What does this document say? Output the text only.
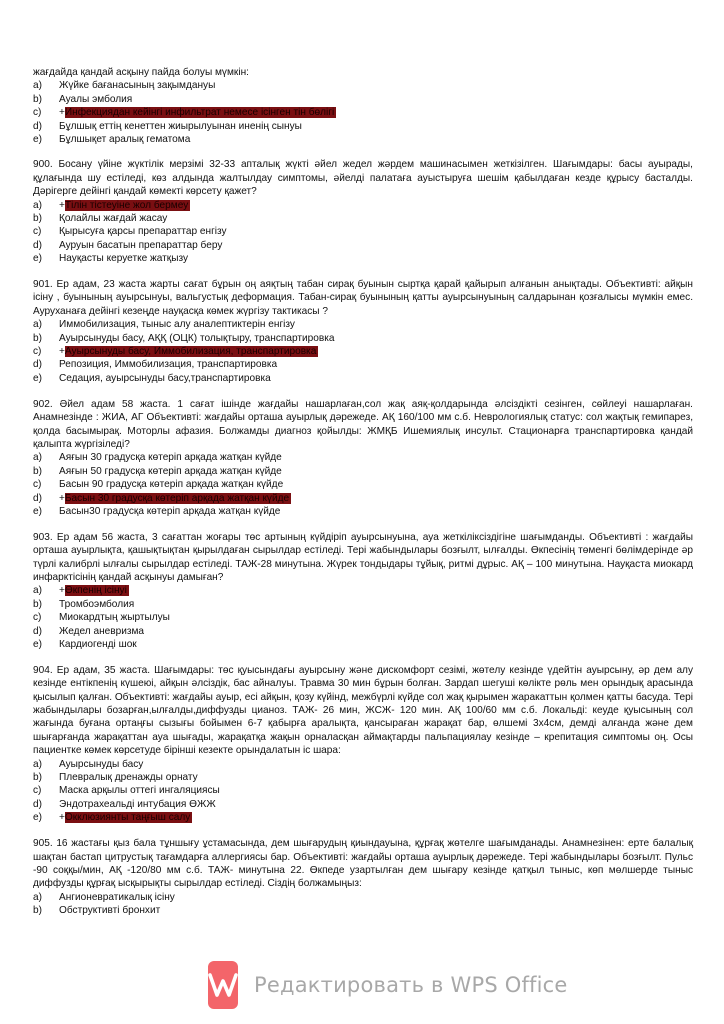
жағдайда қандай асқыну пайда болуы мүмкін:
a)	Жүйке бағанасының зақымдануы
b)	Ауалы эмболия
c)	+Инфекциядан кейінгі инфильтрат немесе ісінген тін бөлігі
d)	Бұлшық еттің кенеттен жиырылуынан иненің сынуы
e)	Бұлшықет аралық гематома
900. Босану үйіне жүктілік мерзімі 32-33 апталық жүкті әйел жедел жәрдем машинасымен жеткізілген. Шағымдары: басы ауырады, құлағында шу естіледі, көз алдында жалтылдау симптомы, әйелді палатаға ауыстыруға шешім қабылдаған кезде құрысу басталды. Дәрігерге дейінгі қандай көмекті көрсету қажет?
a)	+Тілін тістеуіне жол бермеу
b)	Қолайлы жағдай жасау
c)	Қырысуға қарсы препараттар енгізу
d)	Ауруын басатын препараттар беру
e)	Науқасты керуетке жатқызу
901. Ер адам, 23 жаста жарты сағат бұрын оң аяқтың табан сирақ буынын сыртқа қарай қайырып алғанын анықтады. Объективті: айқын ісіну , буынының ауырсынуы, вальгустық деформация. Табан-сирақ буынының қатты ауырсынуының салдарынан қозғалысы мүмкін емес. Ауруханаға дейінгі кезеңде науқасқа көмек жүргізу тактикасы ?
a)	Иммобилизация, тыныс алу аналептиктерін енгізу
b)	Ауырсынуды басу, АҚҚ (ОЦК) толықтыру, транспартировка
c)	+Ауырсынуды басу, Иммобилизация, транспартировка
d)	Репозиция, Иммобилизация, транспартировка
e)	Седация, ауырсынуды басу,транспартировка
902. Әйел адам 58 жаста. 1 сағат ішінде жағдайы нашарлаған,сол жақ аяқ-қолдарында әлсіздікті сезінген, сөйлеуі нашарлаған. Анамнезінде : ЖИА, АГ Объективті: жағдайы орташа ауырлық дәрежеде. АҚ 160/100 мм с.б. Неврологиялық статус: сол жақтық гемипарез, қолда басымырақ. Моторлы афазия. Болжамды диагноз қойылды: ЖМҚБ Ишемиялық инсульт. Стационарға транспартировка қандай қалыпта жүргізіледі?
a)	Аяғын 30 градусқа көтеріп арқада жатқан күйде
b)	Аяғын 50 градусқа көтеріп арқада жатқан күйде
c)	Басын 90 градусқа көтеріп арқада жатқан күйде
d)	+Басын 30 градусқа көтеріп арқада жатқан күйде
e)	Басын30 градусқа көтеріп арқада жатқан күйде
903. Ер адам 56 жаста, 3 сағаттан жоғары төс артының күйдіріп ауырсынуына, ауа жеткіліксіздігіне шағымданды. Объективті : жағдайы орташа ауырлықта, қашықтықтан қырылдаған сырылдар естіледі. Тері жабындылары бозғылт, ылғалды. Өкпесінің төменгі бөлімдерінде әр түрлі калибрлі ылғалы сырылдар естіледі. ТАЖ-28 минутына. Жүрек тондыдары тұйық, ритмі дұрыс. АҚ – 100 минутына. Науқаста миокард инфарктісінің қандай асқынуы дамыған?
a)	+Өкпенің ісінуі
b)	Тромбоэмболия
c)	Миокардтың жыртылуы
d)	Жедел аневризма
e)	Кардиогенді шок
904. Ер адам, 35 жаста. Шағымдары: төс қуысындағы ауырсыну және дискомфорт сезімі, жөтелу кезінде үдейтін ауырсыну, әр дем алу кезінде ентікпенің күшеюі, айқын әлсіздік, бас айналуы. Травма 30 мин бұрын болған. Зардап шегуші көлікте рөль мен орындық арасында қысылып қалған. Объективті: жағдайы ауыр, есі айқын, қозу күйінд, межбүрлі күйде сол жақ қырымен жаракаттын қолмен қатты басуда. Тері жабындылары бозарған,ылғалды,диффузды цианоз. ТАЖ- 26 мин, ЖСЖ- 120 мин. АҚ 100/60 мм с.б. Локальді: кеуде қуысының сол жағында буғана ортаңғы сызығы бойымен 6-7 қабырға аралықта, қансыраған жарақат бар, өлшемі 3х4см, демді алғанда және дем шығарғанда жарақаттан ауа шығады, жарақатқа жақын орналасқан аймақтарды пальпациялау кезінде – крепитация симптомы оң. Осы пациентке көмек көрсетуде бірінші кезекте орындалатын іс шара:
a)	Ауырсынуды басу
b)	Плевралық дренажды орнату
c)	Маска арқылы оттегі ингаляциясы
d)	Эндотрахеальді интубация ӨЖЖ
e)	+Окклюзиянты таңғыш салу
905. 16 жастағы қыз бала тұншығу ұстамасында, дем шығарудың қиындауына, құрғақ жөтелге шағымданады. Анамнезінен: ерте балалық шақтан бастап цитрустық тағамдарға аллергиясы бар. Объективті: жағдайы орташа ауырлық дәрежеде. Тері жабындылары бозғылт. Пульс -90 соққы/мин, АҚ -120/80 мм с.б. ТАЖ- минутына 22. Өкпеде узартылған дем шығару кезінде қатқыл тыныс, көп мөлшерде тыныс диффузды құрғақ ысқырықты сырылдар естіледі. Сіздің болжамыңыз:
a)	Ангионевратикалық ісіну
b)	Обструктивті бронхит
Редактировать в WPS Office
